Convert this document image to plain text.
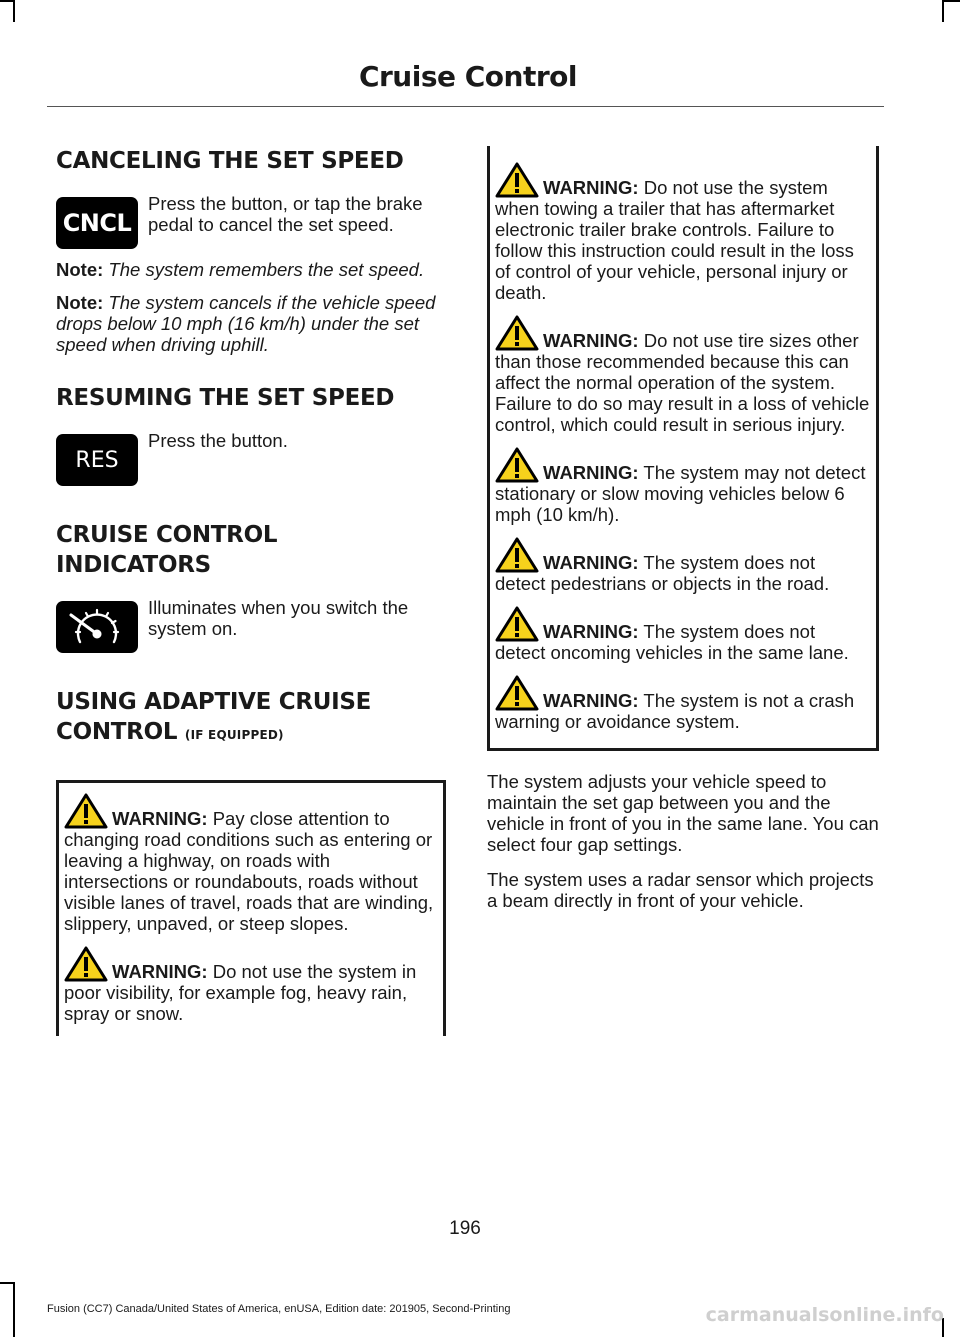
Cruise Control
CANCELING THE SET SPEED
CNCL
Press the button, or tap the brake pedal to cancel the set speed.

Note: The system remembers the set speed.

Note: The system cancels if the vehicle speed drops below 10 mph (16 km/h) under the set speed when driving uphill.

RESUMING THE SET SPEED
RES
Press the button.
CRUISE CONTROL
INDICATORS
Illuminates when you switch the system on.
USING ADAPTIVE CRUISE
CONTROL (IF EQUIPPED)
WARNING: Pay close attention to changing road conditions such as entering or leaving a highway, on roads with intersections or roundabouts, roads without visible lanes of travel, roads that are winding, slippery, unpaved, or steep slopes.
WARNING: Do not use the system in poor visibility, for example fog, heavy rain, spray or snow.
WARNING: Do not use the system when towing a trailer that has aftermarket electronic trailer brake controls. Failure to follow this instruction could result in the loss of control of your vehicle, personal injury or death.
WARNING: Do not use tire sizes other than those recommended because this can affect the normal operation of the system. Failure to do so may result in a loss of vehicle control, which could result in serious injury.
WARNING: The system may not detect stationary or slow moving vehicles below 6 mph (10 km/h).
WARNING: The system does not detect pedestrians or objects in the road.
WARNING: The system does not detect oncoming vehicles in the same lane.
WARNING: The system is not a crash warning or avoidance system.

The system adjusts your vehicle speed to maintain the set gap between you and the vehicle in front of you in the same lane. You can select four gap settings.

The system uses a radar sensor which projects a beam directly in front of your vehicle.

196
Fusion (CC7) Canada/United States of America, enUSA, Edition date: 201905, Second-Printing	carmanualsonline.info
